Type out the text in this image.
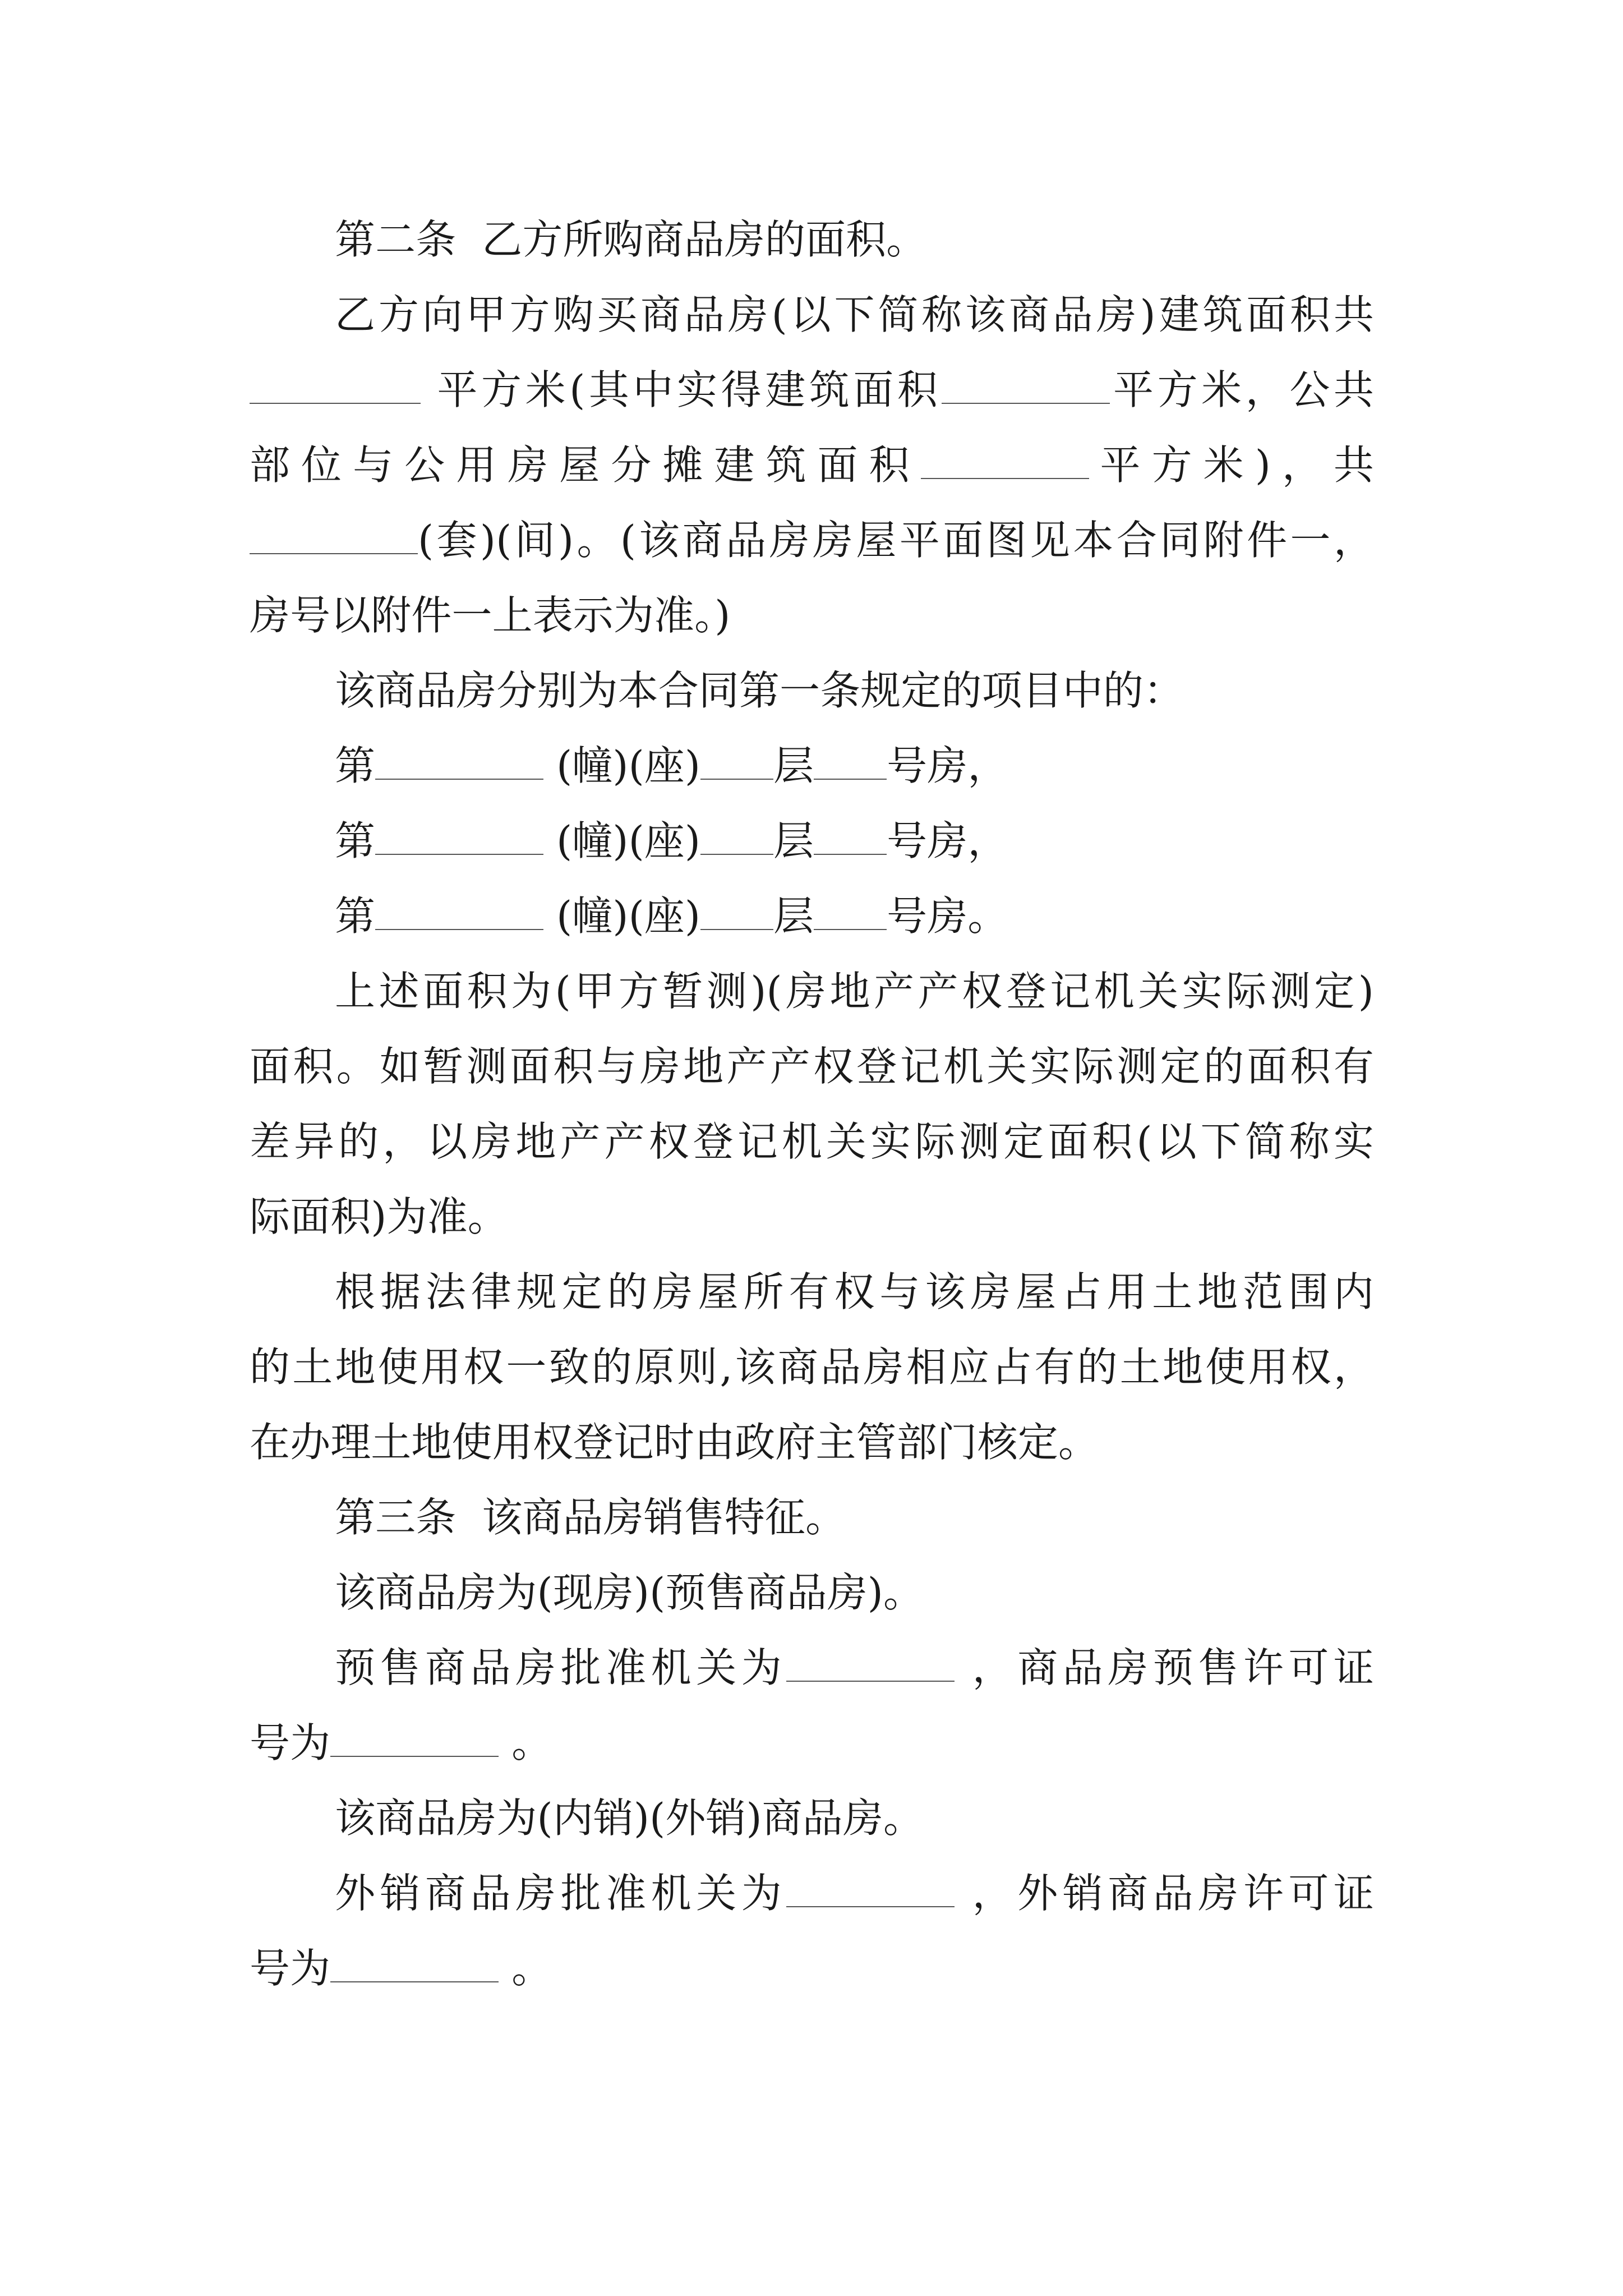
第二条  乙方所购商品房的面积。

乙方向甲方购买商品房(以下简称该商品房)建筑面积共

平方米(其中实得建筑面积	平方米，公共

部位与公用房屋分摊建筑面积	平方米)，共

(套)(间)。(该商品房房屋平面图见本合同附件一，

房号以附件一上表示为准。)

该商品房分别为本合同第一条规定的项目中的：

第	(幢)(座) 层 号房，

第	(幢)(座) 层 号房，

第	(幢)(座) 层 号房。

上述面积为(甲方暂测)(房地产产权登记机关实际测定)

面积。如暂测面积与房地产产权登记机关实际测定的面积有

差异的，以房地产产权登记机关实际测定面积(以下简称实

际面积)为准。

根据法律规定的房屋所有权与该房屋占用土地范围内

的土地使用权一致的原则,该商品房相应占有的土地使用权，

在办理土地使用权登记时由政府主管部门核定。

第三条  该商品房销售特征。

该商品房为(现房)(预售商品房)。

预售商品房批准机关为	，商品房预售许可证

号为	。

该商品房为(内销)(外销)商品房。

外销商品房批准机关为	，外销商品房许可证

号为	。
